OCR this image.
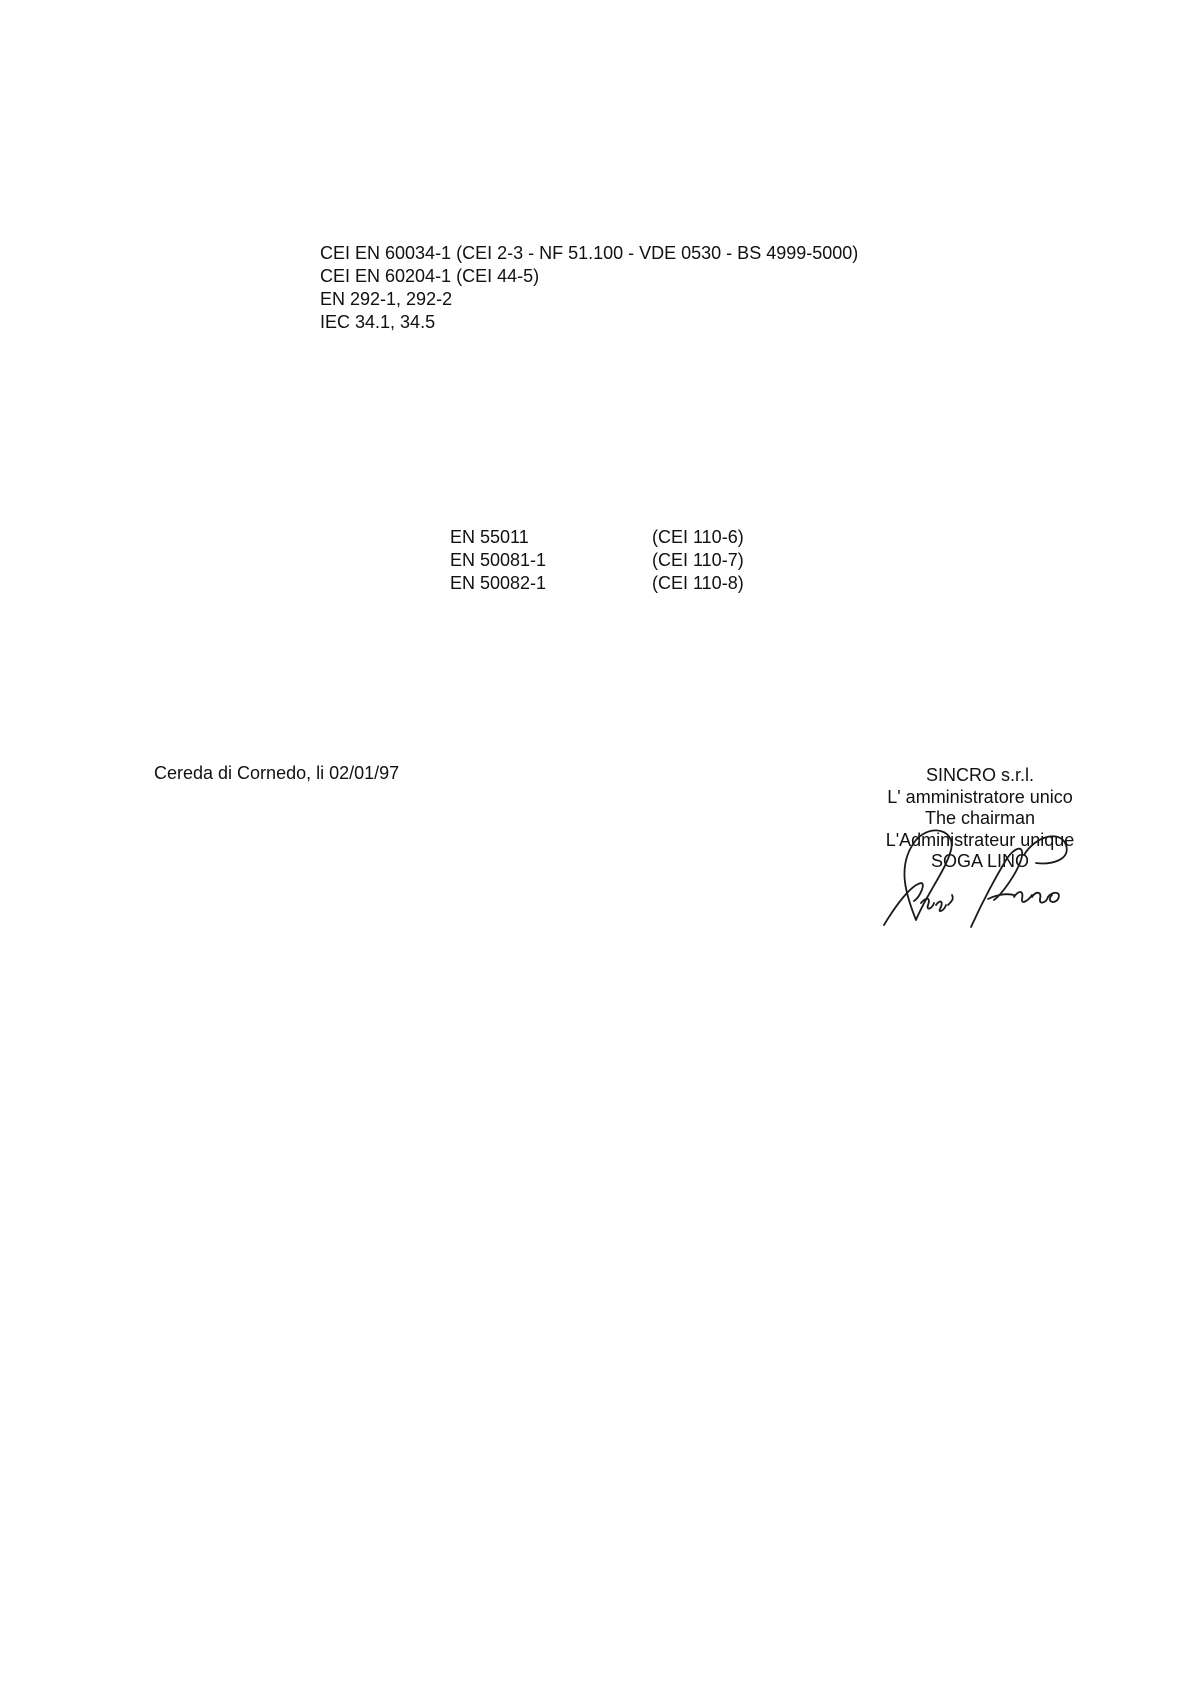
CEI EN 60034-1 (CEI 2-3 - NF 51.100 - VDE 0530 - BS 4999-5000)
CEI EN 60204-1 (CEI 44-5)
EN 292-1, 292-2
IEC 34.1, 34.5
EN 55011	(CEI 110-6)
EN 50081-1	(CEI 110-7)
EN 50082-1	(CEI 110-8)
Cereda di Cornedo, li 02/01/97	SINCRO s.r.l.
L' amministratore unico
The chairman
L'Administrateur unique
SOGA LINO
